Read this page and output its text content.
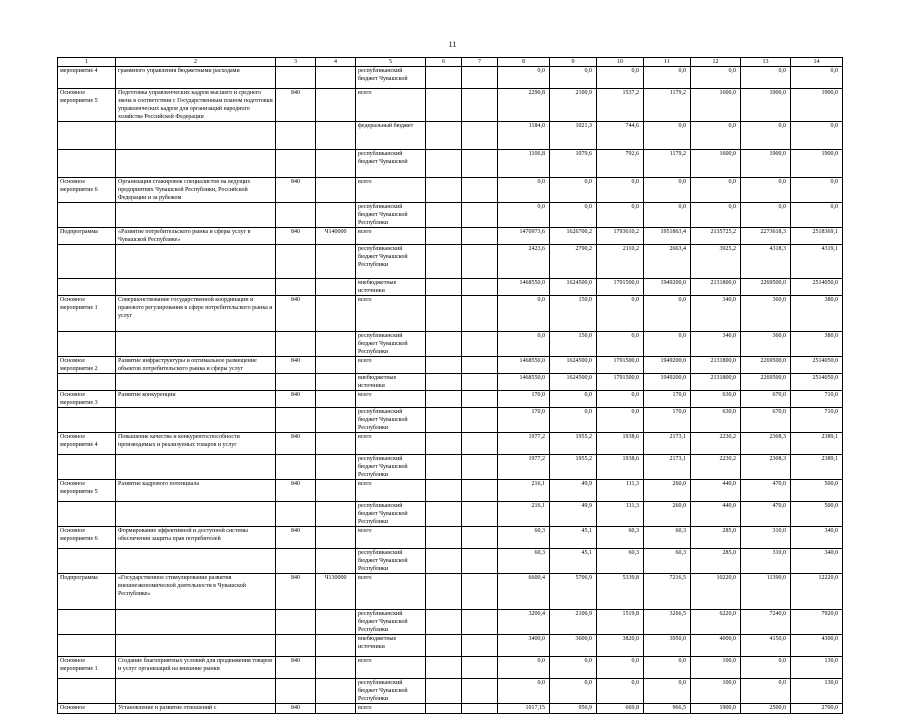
11
1	2	3	4	5	6	7	8	9	10	11	12	13	14
мероприятие 4	граммного управления бюджетными расходами			республиканский бюджет Чувашской			0,0	0,0	0,0	0,0	0,0	0,0	0,0
Основное мероприятие 5	Подготовка управленческих кадров высшего и среднего звена в соответствии с Государственным планом подготовки управленческих кадров для организаций народного хозяйства Российской Федерации	840		всего			2290,8	2100,9	1537,2	1179,2	1600,0	1900,0	1900,0
				федеральный бюджет			1184,0	1021,3	744,6	0,0	0,0	0,0	0,0
				республиканский бюджет Чувашской			1106,8	1079,6	792,6	1179,2	1600,0	1900,0	1900,0
Основное мероприятие 6	Организация стажировок специалистов на ведущих предприятиях Чувашской Республики, Российской Федерации и за рубежом	840		всего			0,0	0,0	0,0	0,0	0,0	0,0	0,0
				республиканский бюджет Чувашской Республики			0,0	0,0	0,0	0,0	0,0	0,0	0,0
Подпрограмма	«Развитие потребительского рынка и сферы услуг в Чувашской Республике»	840	Ч140000	всего			1470973,6	1626700,2	1793610,2	1951863,4	2135725,2	2273618,3	2518369,1
				республиканский бюджет Чувашской Республики			2423,6	2790,2	2110,2	2663,4	3925,2	4318,3	4319,1
				внебюджетные источники			1468550,0	1624500,0	1791500,0	1949200,0	2131800,0	2269500,0	2514050,0
Основное мероприятие 1	Совершенствование государственной координации и правового регулирования в сфере потребительского рынка и услуг	840		всего			0,0	150,0	0,0	0,0	340,0	360,0	380,0
				республиканский бюджет Чувашской Республики			0,0	150,0	0,0	0,0	340,0	360,0	380,0
Основное мероприятие 2	Развитие инфраструктуры и оптимальное размещение объектов потребительского рынка и сферы услуг	840		всего			1468550,0	1624500,0	1791500,0	1949200,0	2131800,0	2269500,0	2514050,0
				внебюджетные источники			1468550,0	1624500,0	1791500,0	1949200,0	2131800,0	2269500,0	2514050,0
Основное мероприятие 3	Развитие конкуренции	840		всего			170,0	0,0	0,0	170,0	630,0	670,0	710,0
				республиканский бюджет Чувашской Республики			170,0	0,0	0,0	170,0	630,0	670,0	710,0
Основное мероприятие 4	Повышение качества и конкурентоспособности производимых и реализуемых товаров и услуг	840		всего			1977,2	1955,2	1938,6	2173,1	2230,2	2308,3	2389,1
				республиканский бюджет Чувашской Республики			1977,2	1955,2	1938,6	2173,1	2230,2	2308,3	2389,1
Основное мероприятие 5	Развитие кадрового потенциала	840		всего			216,1	49,9	111,3	260,0	440,0	470,0	500,0
				республиканский бюджет Чувашской Республики			216,1	49,9	111,3	260,0	440,0	470,0	500,0
Основное мероприятие 6	Формирование эффективной и доступной системы обеспечения защиты прав потребителей	840		всего			60,3	45,1	60,3	60,3	285,0	310,0	340,0
				республиканский бюджет Чувашской Республики			60,3	45,1	60,3	60,3	285,0	310,0	340,0
Подпрограмма	«Государственное стимулирование развития внешнеэкономической деятельности в Чувашской Республике»	840	Ч130000	всего			6600,4	5706,9	5339,8	7216,5	10220,0	11390,0	12220,0
				республиканский бюджет Чувашской Республики			3200,4	2106,9	1519,8	3266,5	6220,0	7240,0	7920,0
				внебюджетные источники			3400,0	3600,0	3820,0	3950,0	4000,0	4150,0	4300,0
Основное мероприятие 1	Создание благоприятных условий для продвижения товаров и услуг организаций на внешние рынки	840		всего			0,0	0,0	0,0	0,0	100,0	0,0	130,0
				республиканский бюджет Чувашской Республики			0,0	0,0	0,0	0,0	100,0	0,0	130,0
Основное	Установление и развитие отношений с	840		всего			1017,15	956,9	669,8	966,5	1900,0	2500,0	2700,0
